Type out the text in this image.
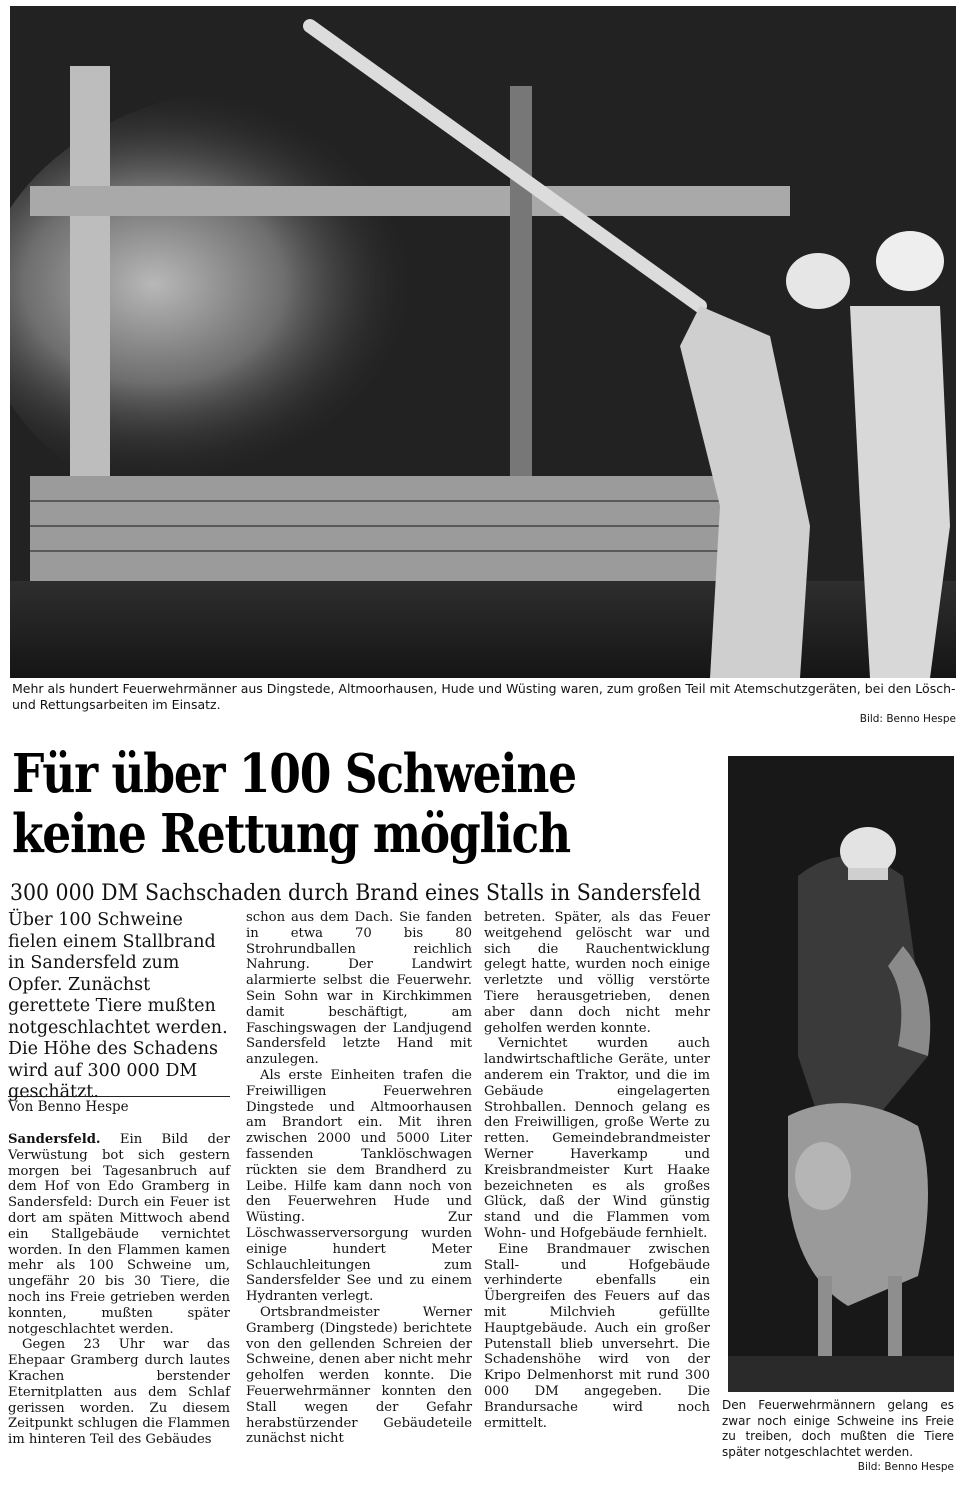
Mehr als hundert Feuerwehrmänner aus Dingstede, Altmoorhausen, Hude und Wüsting waren, zum großen Teil mit Atemschutzgeräten, bei den Lösch- und Rettungsarbeiten im Einsatz.
Bild: Benno Hespe
Für über 100 Schweine
keine Rettung möglich
300 000 DM Sachschaden durch Brand eines Stalls in Sandersfeld
Über 100 Schweine fielen einem Stallbrand in Sandersfeld zum Opfer. Zunächst gerettete Tiere mußten notgeschlachtet werden. Die Höhe des Schadens wird auf 300 000 DM geschätzt.
Von Benno Hespe

Sandersfeld. Ein Bild der Verwüstung bot sich gestern morgen bei Tagesanbruch auf dem Hof von Edo Gramberg in Sandersfeld: Durch ein Feuer ist dort am späten Mittwoch abend ein Stallgebäude vernichtet worden. In den Flammen kamen mehr als 100 Schweine um, ungefähr 20 bis 30 Tiere, die noch ins Freie getrieben werden konnten, mußten später notgeschlachtet werden.

Gegen 23 Uhr war das Ehepaar Gramberg durch lautes Krachen berstender Eternitplatten aus dem Schlaf gerissen worden. Zu diesem Zeitpunkt schlugen die Flammen im hinteren Teil des Gebäudes

schon aus dem Dach. Sie fanden in etwa 70 bis 80 Strohrundballen reichlich Nahrung. Der Landwirt alarmierte selbst die Feuerwehr. Sein Sohn war in Kirchkimmen damit beschäftigt, am Faschingswagen der Landjugend Sandersfeld letzte Hand mit anzulegen.

Als erste Einheiten trafen die Freiwilligen Feuerwehren Dingstede und Altmoorhausen am Brandort ein. Mit ihren zwischen 2000 und 5000 Liter fassenden Tanklöschwagen rückten sie dem Brandherd zu Leibe. Hilfe kam dann noch von den Feuerwehren Hude und Wüsting. Zur Löschwasserversorgung wurden einige hundert Meter Schlauchleitungen zum Sandersfelder See und zu einem Hydranten verlegt.

Ortsbrandmeister Werner Gramberg (Dingstede) berichtete von den gellenden Schreien der Schweine, denen aber nicht mehr geholfen werden konnte. Die Feuerwehrmänner konnten den Stall wegen der Gefahr herabstürzender Gebäudeteile zunächst nicht

betreten. Später, als das Feuer weitgehend gelöscht war und sich die Rauchentwicklung gelegt hatte, wurden noch einige verletzte und völlig verstörte Tiere herausgetrieben, denen aber dann doch nicht mehr geholfen werden konnte.

Vernichtet wurden auch landwirtschaftliche Geräte, unter anderem ein Traktor, und die im Gebäude eingelagerten Strohballen. Dennoch gelang es den Freiwilligen, große Werte zu retten. Gemeindebrandmeister Werner Haverkamp und Kreisbrandmeister Kurt Haake bezeichneten es als großes Glück, daß der Wind günstig stand und die Flammen vom Wohn- und Hofgebäude fernhielt.

Eine Brandmauer zwischen Stall- und Hofgebäude verhinderte ebenfalls ein Übergreifen des Feuers auf das mit Milchvieh gefüllte Hauptgebäude. Auch ein großer Putenstall blieb unversehrt. Die Schadenshöhe wird von der Kripo Delmenhorst mit rund 300 000 DM angegeben. Die Brandursache wird noch ermittelt.

Den Feuerwehrmännern gelang es zwar noch einige Schweine ins Freie zu treiben, doch mußten die Tiere später notgeschlachtet werden.
Bild: Benno Hespe
